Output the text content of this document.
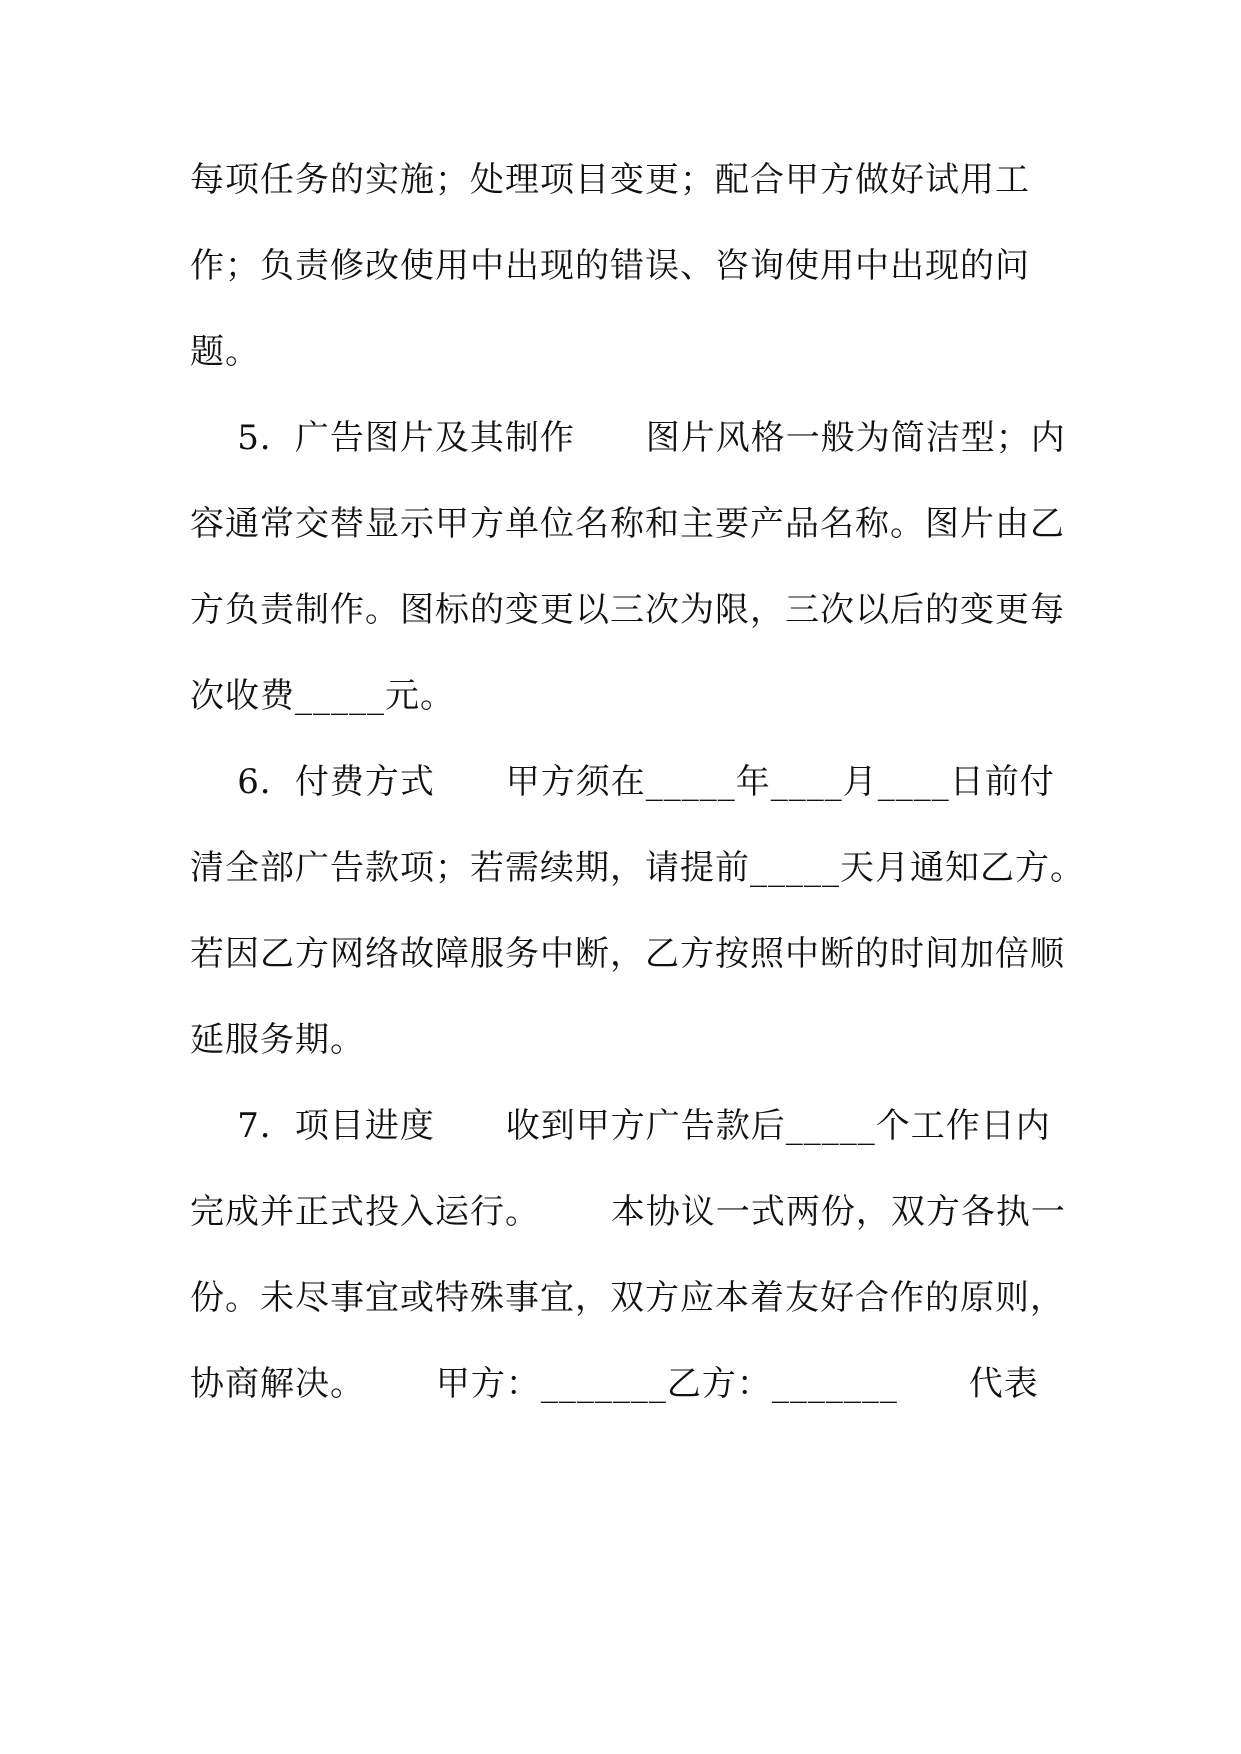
每项任务的实施；处理项目变更；配合甲方做好试用工
作；负责修改使用中出现的错误、咨询使用中出现的问
题。
5．广告图片及其制作      图片风格一般为简洁型；内
容通常交替显示甲方单位名称和主要产品名称。图片由乙
方负责制作。图标的变更以三次为限，三次以后的变更每
次收费_____元。
6．付费方式      甲方须在_____年____月____日前付
清全部广告款项；若需续期，请提前_____天月通知乙方。
若因乙方网络故障服务中断，乙方按照中断的时间加倍顺
延服务期。
7．项目进度      收到甲方广告款后_____个工作日内
完成并正式投入运行。      本协议一式两份，双方各执一
份。未尽事宜或特殊事宜，双方应本着友好合作的原则，
协商解决。      甲方：_______乙方：_______      代表
